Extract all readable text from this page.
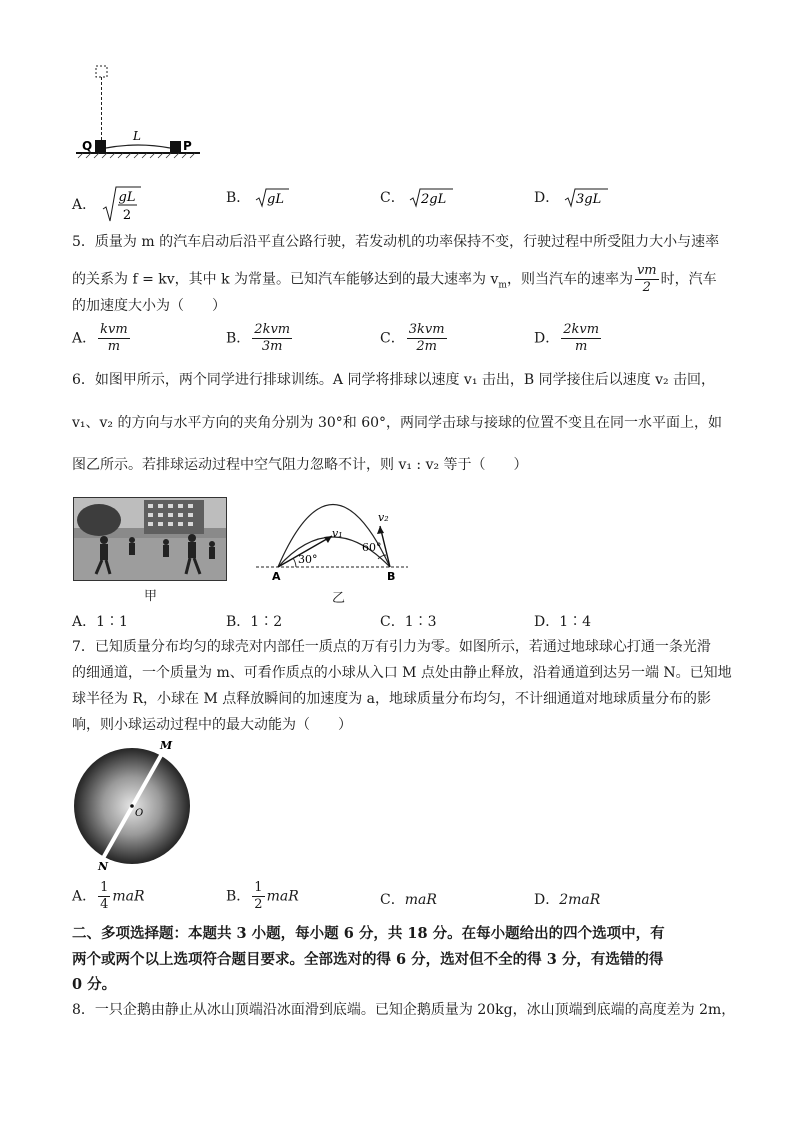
Q
L
P
A． gL
2
B． gL	C． 2gL	D． 3gL
5．质量为 m 的汽车启动后沿平直公路行驶，若发动机的功率保持不变，行驶过程中所受阻力大小与速率
的关系为 f = kv，其中 k 为常量。已知汽车能够达到的最大速率为 $v_m$，则当汽车的速率为 $\frac{vm}{2}$ 时，汽车
的加速度大小为（　　）
A． $\frac{\text{kvm}}{m}$	B． $\frac{\text{2kvm}}{3m}$	C． $\frac{\text{3kvm}}{2m}$	D． $\frac{\text{2kvm}}{m}$
6．如图甲所示，两个同学进行排球训练。A 同学将排球以速度 v₁ 击出，B 同学接住后以速度 v₂ 击回，
v₁、v₂ 的方向与水平方向的夹角分别为 30°和 60°，两同学击球与接球的位置不变且在同一水平面上，如
图乙所示。若排球运动过程中空气阻力忽略不计，则 v₁ : v₂ 等于（　　）
甲
v₁
v₂
30°
60°
A	B
乙
A．1∶1	B．1∶2	C．1∶3	D．1∶4
7．已知质量分布均匀的球壳对内部任一质点的万有引力为零。如图所示，若通过地球球心打通一条光滑
的细通道，一个质量为 m、可看作质点的小球从入口 M 点处由静止释放，沿着通道到达另一端 N。已知地
球半径为 R，小球在 M 点释放瞬间的加速度为 a，地球质量分布均匀，不计细通道对地球质量分布的影
响，则小球运动过程中的最大动能为（　　）
M
O
N
A． $\frac{1}{4}$ maR	B． $\frac{1}{2}$ maR	C．maR	D．2maR
二、多项选择题：本题共 3 小题，每小题 6 分，共 18 分。在每小题给出的四个选项中，有
两个或两个以上选项符合题目要求。全部选对的得 6 分，选对但不全的得 3 分，有选错的得
0 分。
8．一只企鹅由静止从冰山顶端沿冰面滑到底端。已知企鹅质量为 20kg，冰山顶端到底端的高度差为 2m，
